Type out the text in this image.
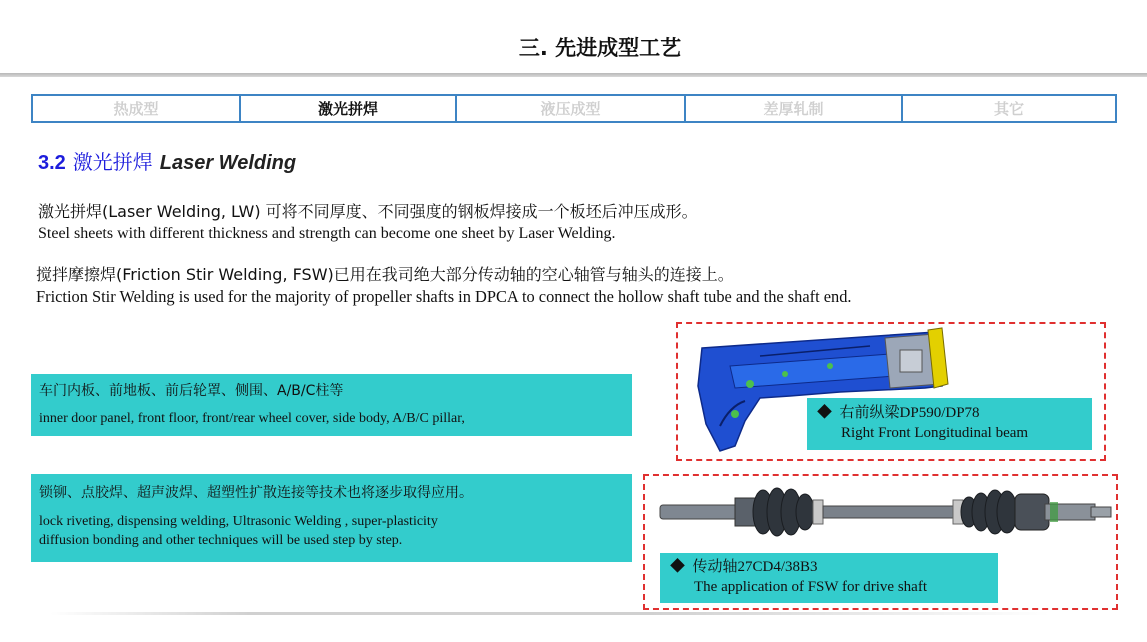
三. 先进成型工艺
热成型	激光拼焊	液压成型	差厚轧制	其它
3.2 激光拼焊 Laser Welding
激光拼焊(Laser Welding, LW) 可将不同厚度、不同强度的钢板焊接成一个板坯后冲压成形。
Steel sheets with different thickness and strength can become one sheet by Laser Welding.
搅拌摩擦焊(Friction Stir Welding, FSW)已用在我司绝大部分传动轴的空心轴管与轴头的连接上。
Friction Stir Welding is used for the majority of propeller shafts in DPCA to connect the hollow shaft tube and the shaft end.
车门内板、前地板、前后轮罩、侧围、A/B/C柱等
inner door panel, front floor, front/rear wheel cover, side body, A/B/C pillar,
锁铆、点胶焊、超声波焊、超塑性扩散连接等技术也将逐步取得应用。
lock riveting, dispensing welding, Ultrasonic Welding , super-plasticity
diffusion bonding and other techniques will be used step by step.
◆ 右前纵梁DP590/DP78
Right Front Longitudinal beam
◆ 传动轴27CD4/38B3
The application of FSW for drive shaft
